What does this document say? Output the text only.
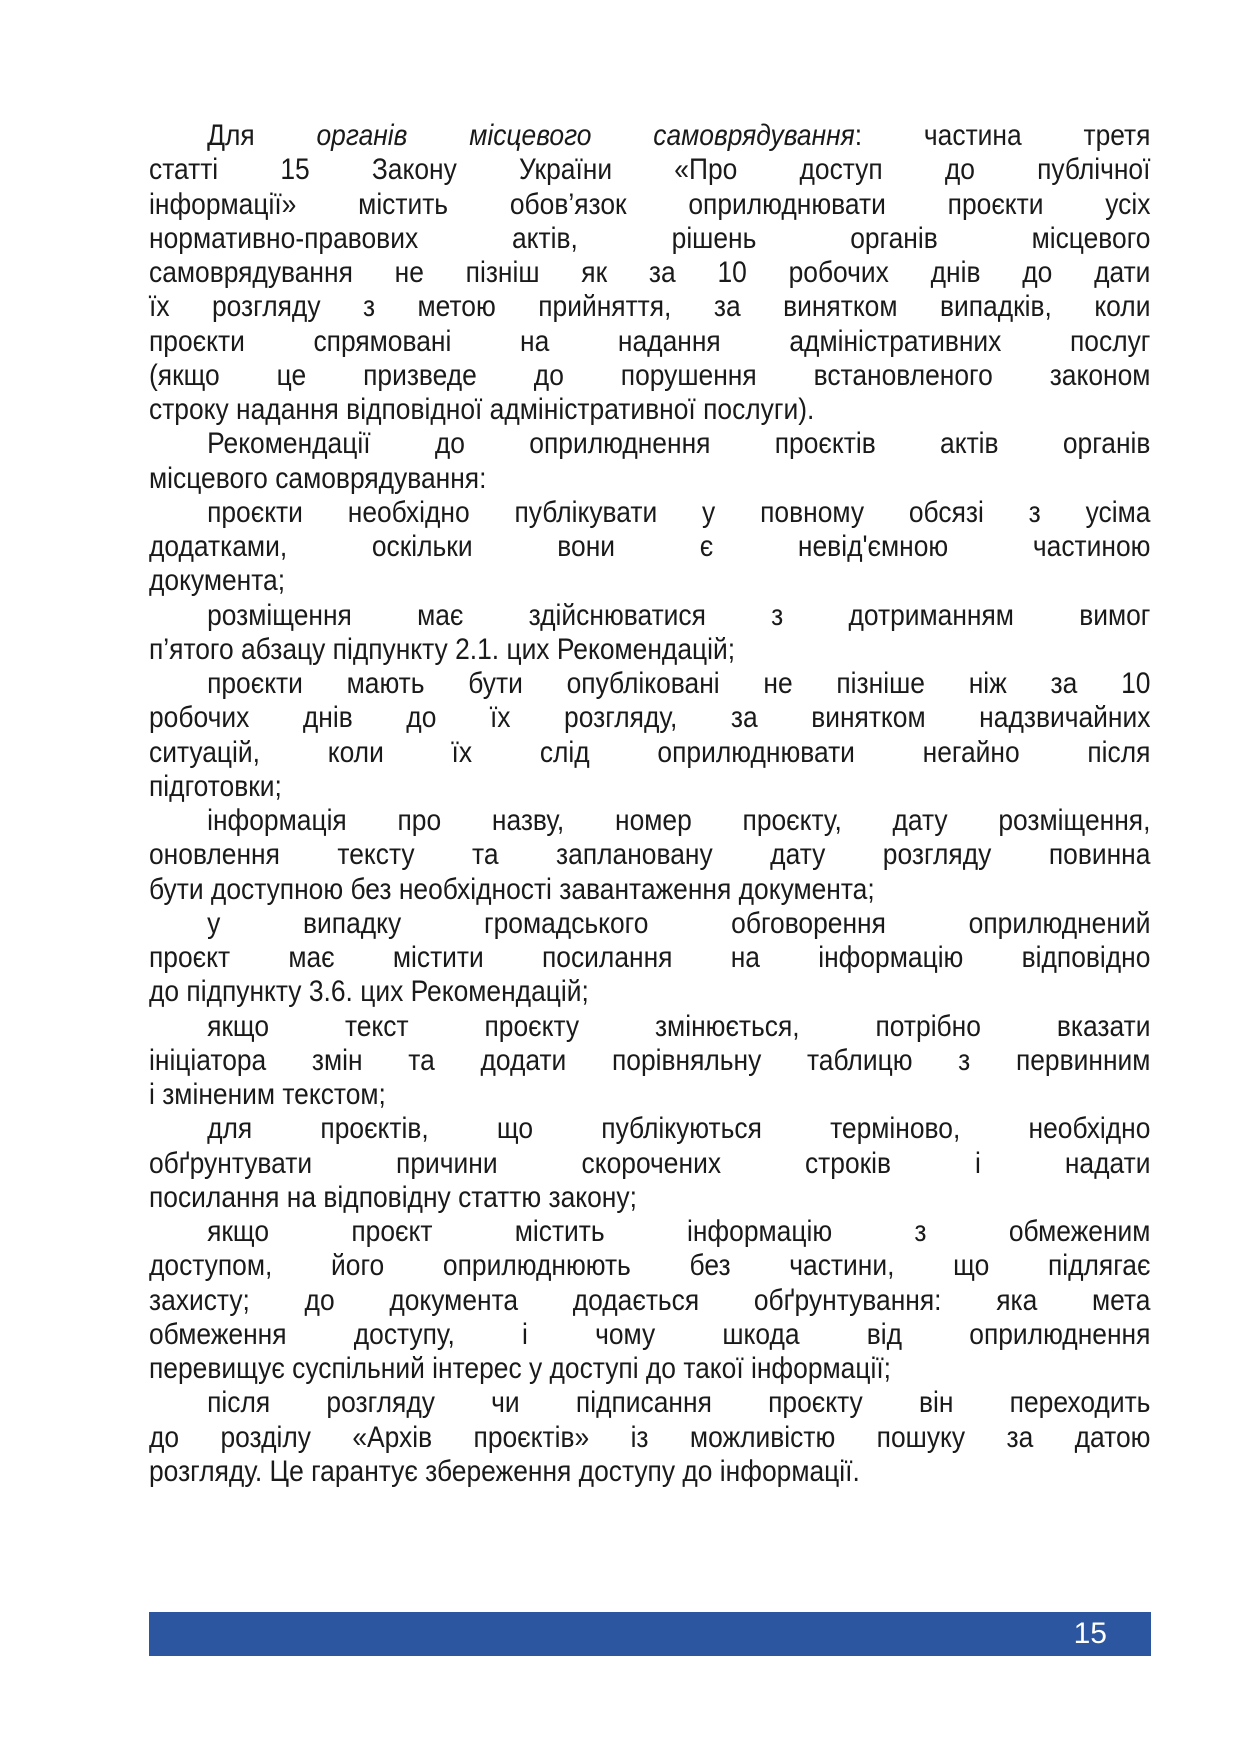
Для органів місцевого самоврядування: частина третя
статті 15 Закону України «Про доступ до публічної
інформації» містить обов’язок оприлюднювати проєкти усіх
нормативно-правових актів, рішень органів місцевого
самоврядування не пізніш як за 10 робочих днів до дати
їх розгляду з метою прийняття, за винятком випадків, коли
проєкти спрямовані на надання адміністративних послуг
(якщо це призведе до порушення встановленого законом
строку надання відповідної адміністративної послуги).
Рекомендації до оприлюднення проєктів актів органів
місцевого самоврядування:
проєкти необхідно публікувати у повному обсязі з усіма
додатками, оскільки вони є невід'ємною частиною
документа;
розміщення має здійснюватися з дотриманням вимог
п’ятого абзацу підпункту 2.1. цих Рекомендацій;
проєкти мають бути опубліковані не пізніше ніж за 10
робочих днів до їх розгляду, за винятком надзвичайних
ситуацій, коли їх слід оприлюднювати негайно після
підготовки;
інформація про назву, номер проєкту, дату розміщення,
оновлення тексту та заплановану дату розгляду повинна
бути доступною без необхідності завантаження документа;
у випадку громадського обговорення оприлюднений
проєкт має містити посилання на інформацію відповідно
до підпункту 3.6. цих Рекомендацій;
якщо текст проєкту змінюється, потрібно вказати
ініціатора змін та додати порівняльну таблицю з первинним
і зміненим текстом;
для проєктів, що публікуються терміново, необхідно
обґрунтувати причини скорочених строків і надати
посилання на відповідну статтю закону;
якщо проєкт містить інформацію з обмеженим
доступом, його оприлюднюють без частини, що підлягає
захисту; до документа додається обґрунтування: яка мета
обмеження доступу, і чому шкода від оприлюднення
перевищує суспільний інтерес у доступі до такої інформації;
після розгляду чи підписання проєкту він переходить
до розділу «Архів проєктів» із можливістю пошуку за датою
розгляду. Це гарантує збереження доступу до інформації.
15
